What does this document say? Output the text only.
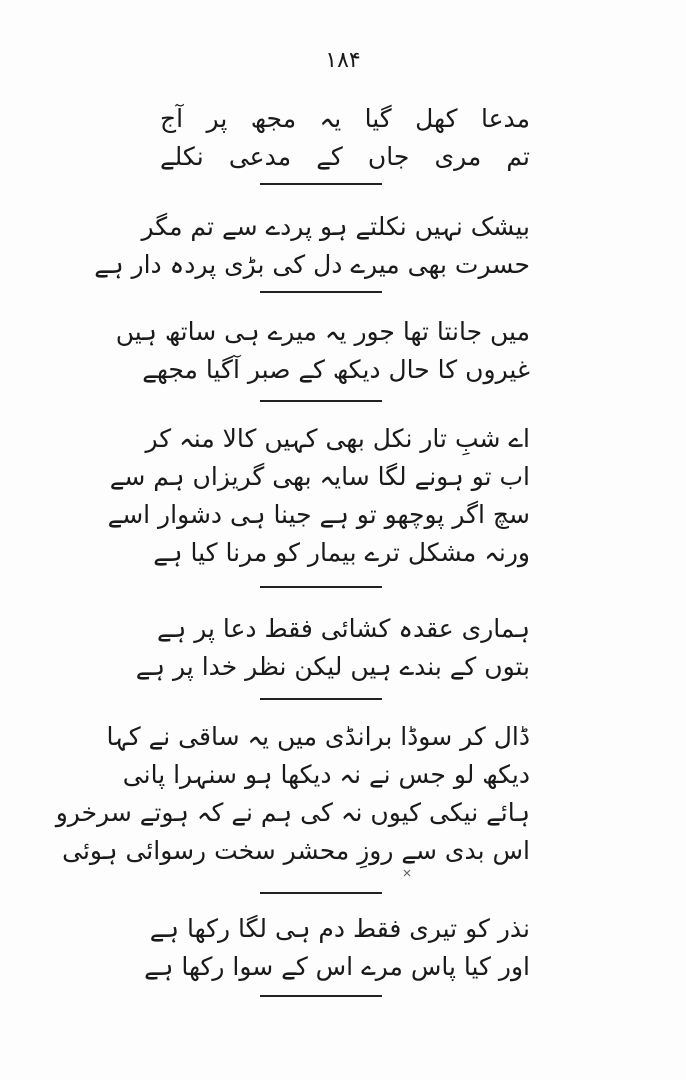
۱۸۴
مدعا کھل گیا یہ مجھ پر آج
تم مری جاں کے مدعی نکلے
بیشک نہیں نکلتے ہو پردے سے تم مگر
حسرت بھی میرے دل کی بڑی پردہ دار ہے
میں جانتا تھا جور یہ میرے ہی ساتھ ہیں
غیروں کا حال دیکھ کے صبر آگیا مجھے
اے شبِ تار نکل بھی کہیں کالا منہ کر
اب تو ہونے لگا سایہ بھی گریزاں ہم سے
سچ اگر پوچھو تو ہے جینا ہی دشوار اسے
ورنہ مشکل ترے بیمار کو مرنا کیا ہے
ہماری عقدہ کشائی فقط دعا پر ہے
بتوں کے بندے ہیں لیکن نظر خدا پر ہے
ڈال کر سوڈا برانڈی میں یہ ساقی نے کہا
دیکھ لو جس نے نہ دیکھا ہو سنہرا پانی
ہائے نیکی کیوں نہ کی ہم نے کہ ہوتے سرخرو
اس بدی سے روزِ محشر سخت رسوائی ہوئی
نذر کو تیری فقط دم ہی لگا رکھا ہے
اور کیا پاس مرے اس کے سوا رکھا ہے
